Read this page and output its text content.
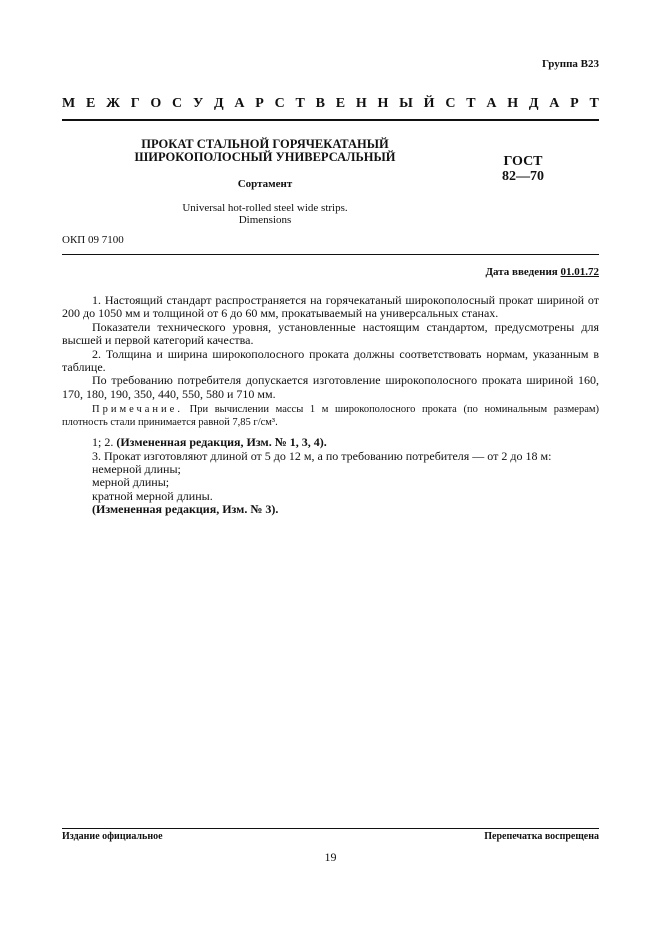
Группа В23
М Е Ж Г О С У Д А Р С Т В Е Н Н Ы Й С Т А Н Д А Р Т
ПРОКАТ СТАЛЬНОЙ ГОРЯЧЕКАТАНЫЙ
ШИРОКОПОЛОСНЫЙ УНИВЕРСАЛЬНЫЙ
Сортамент
ГОСТ
82—70
Universal hot-rolled steel wide strips.
Dimensions
ОКП 09 7100
Дата введения 01.01.72

1. Настоящий стандарт распространяется на горячекатаный широкополосный прокат шириной от 200 до 1050 мм и толщиной от 6 до 60 мм, прокатываемый на универсальных станах.

Показатели технического уровня, установленные настоящим стандартом, предусмотрены для высшей и первой категорий качества.

2. Толщина и ширина широкополосного проката должны соответствовать нормам, указанным в таблице.

По требованию потребителя допускается изготовление широкополосного проката шириной 160, 170, 180, 190, 350, 440, 550, 580 и 710 мм.

Примечание. При вычислении массы 1 м широкополосного проката (по номинальным размерам) плотность стали принимается равной 7,85 г/см³.

1; 2. (Измененная редакция, Изм. № 1, 3, 4).

3. Прокат изготовляют длиной от 5 до 12 м, а по требованию потребителя — от 2 до 18 м:

немерной длины;

мерной длины;

кратной мерной длины.

(Измененная редакция, Изм. № 3).

Издание официальное	Перепечатка воспрещена
19
